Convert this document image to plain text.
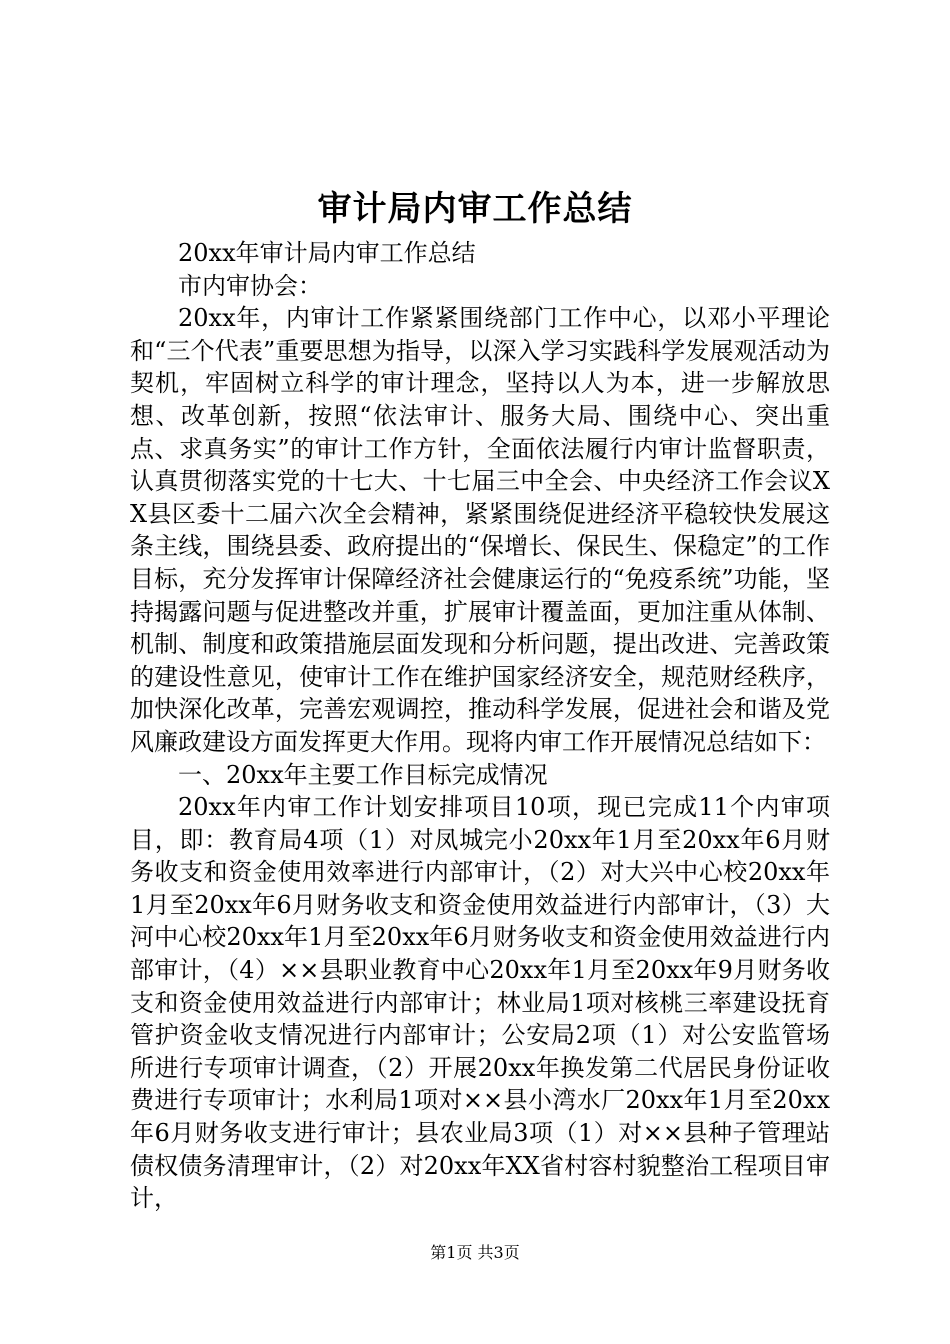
审计局内审工作总结

20xx年审计局内审工作总结

市内审协会：

20xx年，内审计工作紧紧围绕部门工作中心，以邓小平理论和“三个代表”重要思想为指导，以深入学习实践科学发展观活动为契机，牢固树立科学的审计理念，坚持以人为本，进一步解放思想、改革创新，按照“依法审计、服务大局、围绕中心、突出重点、求真务实”的审计工作方针，全面依法履行内审计监督职责，认真贯彻落实党的十七大、十七届三中全会、中央经济工作会议XX县区委十二届六次全会精神，紧紧围绕促进经济平稳较快发展这条主线，围绕县委、政府提出的“保增长、保民生、保稳定”的工作目标，充分发挥审计保障经济社会健康运行的“免疫系统”功能，坚持揭露问题与促进整改并重，扩展审计覆盖面，更加注重从体制、机制、制度和政策措施层面发现和分析问题，提出改进、完善政策的建设性意见，使审计工作在维护国家经济安全，规范财经秩序，加快深化改革，完善宏观调控，推动科学发展，促进社会和谐及党风廉政建设方面发挥更大作用。现将内审工作开展情况总结如下：

一、20xx年主要工作目标完成情况

20xx年内审工作计划安排项目10项，现已完成11个内审项目，即：教育局4项（1）对凤城完小20xx年1月至20xx年6月财务收支和资金使用效率进行内部审计，（2）对大兴中心校20xx年1月至20xx年6月财务收支和资金使用效益进行内部审计，（3）大河中心校20xx年1月至20xx年6月财务收支和资金使用效益进行内部审计，（4）××县职业教育中心20xx年1月至20xx年9月财务收支和资金使用效益进行内部审计；林业局1项对核桃三率建设抚育管护资金收支情况进行内部审计；公安局2项（1）对公安监管场所进行专项审计调查，（2）开展20xx年换发第二代居民身份证收费进行专项审计；水利局1项对××县小湾水厂20xx年1月至20xx年6月财务收支进行审计；县农业局3项（1）对××县种子管理站债权债务清理审计，（2）对20xx年XX省村容村貌整治工程项目审计，

第1页 共3页
